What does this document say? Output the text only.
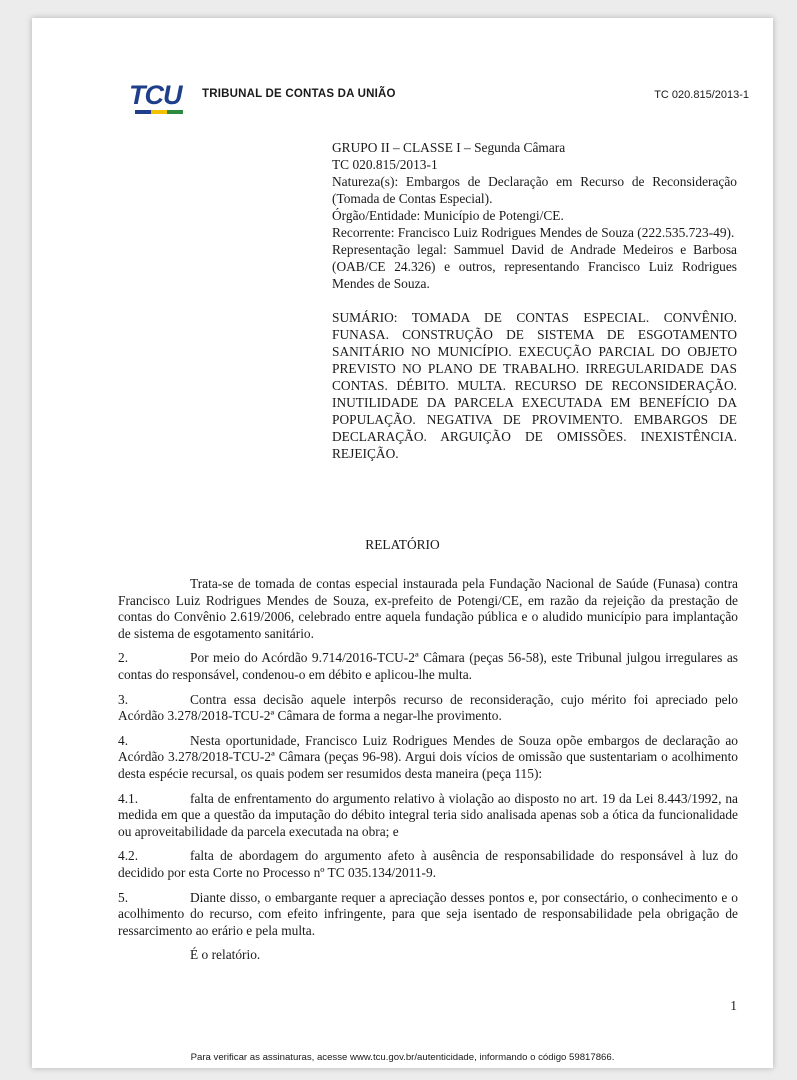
TCU TRIBUNAL DE CONTAS DA UNIÃO	TC 020.815/2013-1

GRUPO II – CLASSE I – Segunda Câmara

TC 020.815/2013-1

Natureza(s): Embargos de Declaração em Recurso de Reconsideração (Tomada de Contas Especial).

Órgão/Entidade: Município de Potengi/CE.

Recorrente: Francisco Luiz Rodrigues Mendes de Souza (222.535.723-49).

Representação legal: Sammuel David de Andrade Medeiros e Barbosa (OAB/CE 24.326) e outros, representando Francisco Luiz Rodrigues Mendes de Souza.

SUMÁRIO: TOMADA DE CONTAS ESPECIAL. CONVÊNIO. FUNASA. CONSTRUÇÃO DE SISTEMA DE ESGOTAMENTO SANITÁRIO NO MUNICÍPIO. EXECUÇÃO PARCIAL DO OBJETO PREVISTO NO PLANO DE TRABALHO. IRREGULARIDADE DAS CONTAS. DÉBITO. MULTA. RECURSO DE RECONSIDERAÇÃO. INUTILIDADE DA PARCELA EXECUTADA EM BENEFÍCIO DA POPULAÇÃO. NEGATIVA DE PROVIMENTO. EMBARGOS DE DECLARAÇÃO. ARGUIÇÃO DE OMISSÕES. INEXISTÊNCIA. REJEIÇÃO.

RELATÓRIO

Trata-se de tomada de contas especial instaurada pela Fundação Nacional de Saúde (Funasa) contra Francisco Luiz Rodrigues Mendes de Souza, ex-prefeito de Potengi/CE, em razão da rejeição da prestação de contas do Convênio 2.619/2006, celebrado entre aquela fundação pública e o aludido município para implantação de sistema de esgotamento sanitário.

2.	Por meio do Acórdão 9.714/2016-TCU-2ª Câmara (peças 56-58), este Tribunal julgou irregulares as contas do responsável, condenou-o em débito e aplicou-lhe multa.

3.	Contra essa decisão aquele interpôs recurso de reconsideração, cujo mérito foi apreciado pelo Acórdão 3.278/2018-TCU-2ª Câmara de forma a negar-lhe provimento.

4.	Nesta oportunidade, Francisco Luiz Rodrigues Mendes de Souza opõe embargos de declaração ao Acórdão 3.278/2018-TCU-2ª Câmara (peças 96-98). Argui dois vícios de omissão que sustentariam o acolhimento desta espécie recursal, os quais podem ser resumidos desta maneira (peça 115):

4.1.	falta de enfrentamento do argumento relativo à violação ao disposto no art. 19 da Lei 8.443/1992, na medida em que a questão da imputação do débito integral teria sido analisada apenas sob a ótica da funcionalidade ou aproveitabilidade da parcela executada na obra; e

4.2.	falta de abordagem do argumento afeto à ausência de responsabilidade do responsável à luz do decidido por esta Corte no Processo nº TC 035.134/2011-9.

5.	Diante disso, o embargante requer a apreciação desses pontos e, por consectário, o conhecimento e o acolhimento do recurso, com efeito infringente, para que seja isentado de responsabilidade pela obrigação de ressarcimento ao erário e pela multa.

É o relatório.

1
Para verificar as assinaturas, acesse www.tcu.gov.br/autenticidade, informando o código 59817866.
